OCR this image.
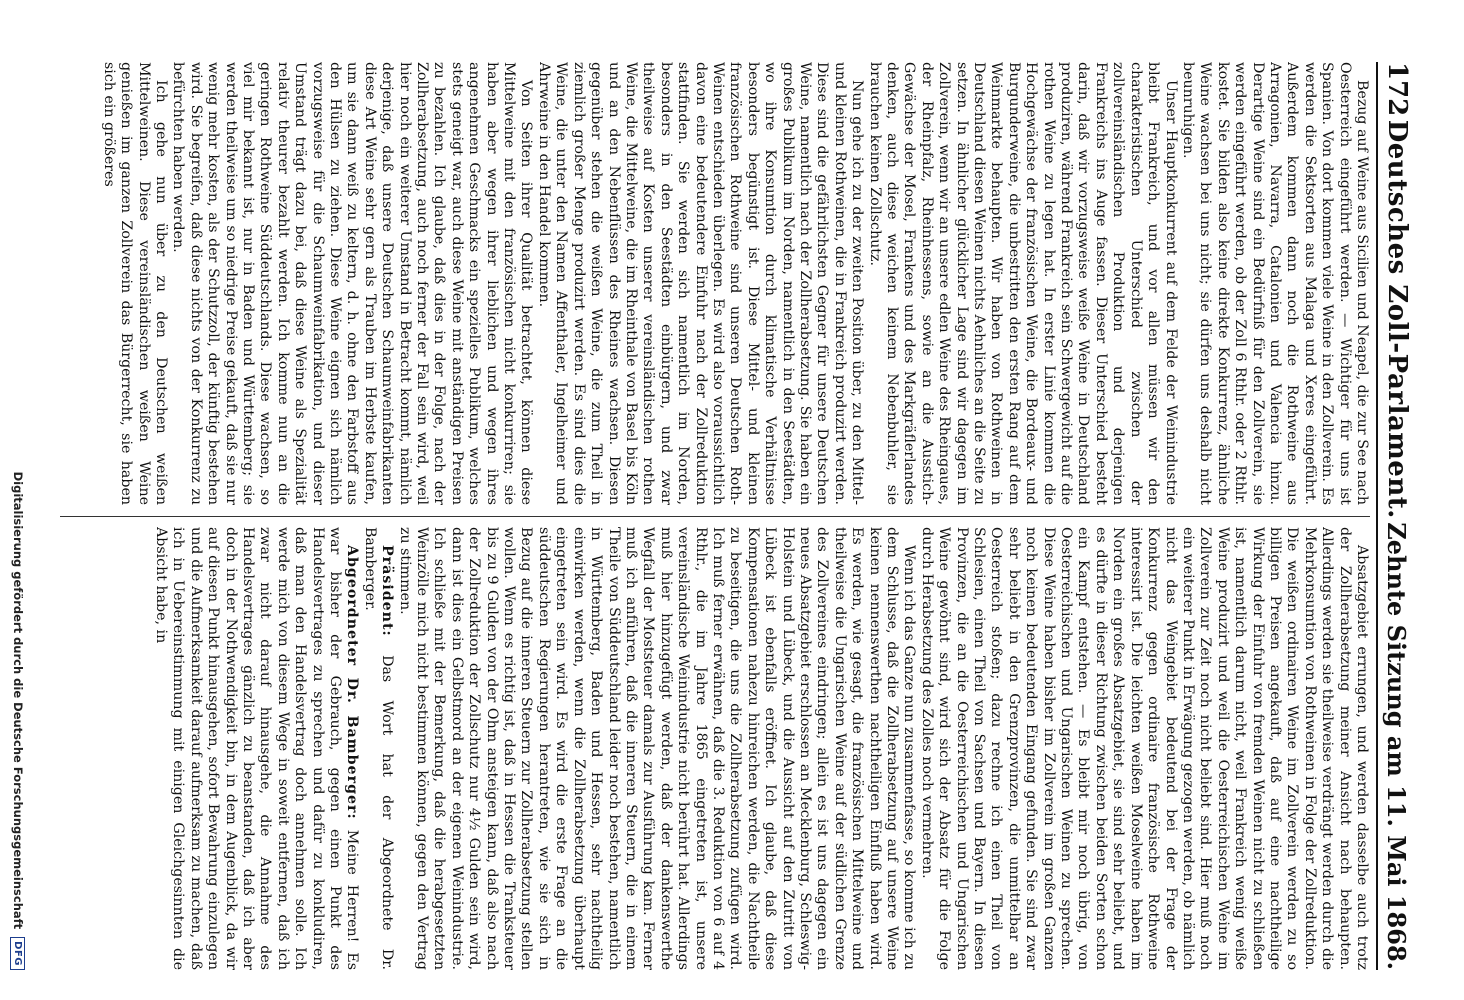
172
Deutsches Zoll-Parlament.
Zehnte Sitzung am 11. Mai 1868.

Bezug auf Weine aus Sicilien und Neapel, die zur See nach Oesterreich eingeführt werden. — Wichtiger für uns ist Spanien. Von dort kommen viele Weine in den Zollverein. Es werden die Sektsorten aus Malaga und Xeres eingeführt. Außerdem kommen dann noch die Rothweine aus Arragonien, Navarra, Catalonien und Valencia hinzu. Derartige Weine sind ein Bedürfniß für den Zollverein, sie werden eingeführt werden, ob der Zoll 6 Rthlr. oder 2 Rthlr. kostet. Sie bilden also keine direkte Konkurrenz, ähnliche Weine wachsen bei uns nicht; sie dürfen uns deshalb nicht beunruhigen.

Unser Hauptkonkurrent auf dem Felde der Weinindustrie bleibt Frankreich, und vor allen müssen wir den charakteristischen Unterschied zwischen der zollvereinsländischen Produktion und derjenigen Frankreichs ins Auge fassen. Dieser Unterschied besteht darin, daß wir vorzugsweise weiße Weine in Deutschland produziren, während Frankreich sein Schwergewicht auf die rothen Weine zu legen hat. In erster Linie kommen die Hochgewächse der französischen Weine, die Bordeaux- und Burgunderweine, die unbestritten den ersten Rang auf dem Weinmarkte behaupten. Wir haben von Rothweinen in Deutschland diesen Weinen nichts Aehnliches an die Seite zu setzen. In ähnlicher glücklicher Lage sind wir dagegen im Zollverein, wenn wir an unsere edlen Weine des Rheingaues, der Rheinpfalz, Rheinhessens, sowie an die Ausstich-Gewächse der Mosel, Frankens und des Markgräflerlandes denken, auch diese weichen keinem Nebenbuhler, sie brauchen keinen Zollschutz.

Nun gehe ich zu der zweiten Position über, zu den Mittel- und kleinen Rothweinen, die in Frankreich produzirt werden. Diese sind die gefährlichsten Gegner für unsere Deutschen Weine, namentlich nach der Zollherabsetzung. Sie haben ein großes Publikum im Norden, namentlich in den Seestädten, wo ihre Konsumtion durch klimatische Verhältnisse besonders begünstigt ist. Diese Mittel- und kleinen französischen Rothweine sind unseren Deutschen Roth-Weinen entschieden überlegen. Es wird also voraussichtlich davon eine bedeutendere Einfuhr nach der Zollreduktion stattfinden. Sie werden sich namentlich im Norden, besonders in den Seestädten einbürgern, und zwar theilweise auf Kosten unserer vereinsländischen rothen Weine, die Mittelweine, die im Rheinthale von Basel bis Köln und an den Nebenflüssen des Rheines wachsen. Diesen gegenüber stehen die weißen Weine, die zum Theil in ziemlich großer Menge produzirt werden. Es sind dies die Weine, die unter den Namen Affenthaler, Ingelheimer und Ahrweine in den Handel kommen.

Von Seiten ihrer Qualität betrachtet, können diese Mittelweine mit den französischen nicht konkurriren; sie haben aber wegen ihrer lieblichen und wegen ihres angenehmen Geschmacks ein spezielles Publikum, welches stets geneigt war, auch diese Weine mit anständigen Preisen zu bezahlen. Ich glaube, daß dies in der Folge, nach der Zollherabsetzung, auch noch ferner der Fall sein wird, weil hier noch ein weiterer Umstand in Betracht kommt, nämlich derjenige, daß unsere Deutschen Schaumweinfabrikanten diese Art Weine sehr gern als Trauben im Herbste kaufen, um sie dann weiß zu keltern, d. h. ohne den Farbstoff aus den Hülsen zu ziehen. Diese Weine eignen sich nämlich vorzugsweise für die Schaumweinfabrikation, und dieser Umstand trägt dazu bei, daß diese Weine als Spezialität relativ theurer bezahlt werden. Ich komme nun an die geringen Rothweine Süddeutschlands. Diese wachsen, so viel mir bekannt ist, nur in Baden und Württemberg; sie werden theilweise um so niedrige Preise gekauft, daß sie nur wenig mehr kosten, als der Schutzzoll, der künftig bestehen wird. Sie begreifen, daß diese nichts von der Konkurrenz zu befürchten haben werden.

Ich gehe nun über zu den Deutschen weißen Mittelweinen. Diese vereinsländischen weißen Weine genießen im ganzen Zollverein das Bürgerrecht, sie haben sich ein größeres

Absatzgebiet errungen, und werden dasselbe auch trotz der Zollherabsetzung meiner Ansicht nach behaupten. Allerdings werden sie theilweise verdrängt werden durch die Mehrkonsumtion von Rothweinen in Folge der Zollreduktion. Die weißen ordinairen Weine im Zollverein werden zu so billigen Preisen angekauft, daß auf eine nachtheilige Wirkung der Einfuhr von fremden Weinen nicht zu schließen ist, namentlich darum nicht, weil Frankreich wenig weiße Weine produzirt und weil die Oesterreichischen Weine im Zollverein zur Zeit noch nicht beliebt sind. Hier muß noch ein weiterer Punkt in Erwägung gezogen werden, ob nämlich nicht das Weingebiet bedeutend bei der Frage der Konkurrenz gegen ordinaire französische Rothweine interessirt ist. Die leichten weißen Moselweine haben im Norden ein großes Absatzgebiet, sie sind sehr beliebt, und es dürfte in dieser Richtung zwischen beiden Sorten schon ein Kampf entstehen. — Es bleibt mir noch übrig, von Oesterreichischen und Ungarischen Weinen zu sprechen. Diese Weine haben bisher im Zollverein im großen Ganzen noch keinen bedeutenden Eingang gefunden. Sie sind zwar sehr beliebt in den Grenzprovinzen, die unmittelbar an Oesterreich stoßen; dazu rechne ich einen Theil von Schlesien, einen Theil von Sachsen und Bayern. In diesen Provinzen, die an die Oesterreichischen und Ungarischen Weine gewöhnt sind, wird sich der Absatz für die Folge durch Herabsetzung des Zolles noch vermehren.

Wenn ich das Ganze nun zusammenfasse, so komme ich zu dem Schlusse, daß die Zollherabsetzung auf unsere Weine keinen nennenswerthen nachtheiligen Einfluß haben wird. Es werden, wie gesagt, die französischen Mittelweine und theilweise die Ungarischen Weine auf der südlichen Grenze des Zollvereines eindringen; allein es ist uns dagegen ein neues Absatzgebiet erschlossen an Mecklenburg, Schleswig-Holstein und Lübeck, und die Aussicht auf den Zutritt von Lübeck ist ebenfalls eröffnet. Ich glaube, daß diese Kompensationen nahezu hinreichen werden, die Nachtheile zu beseitigen, die uns die Zollherabsetzung zufügen wird. Ich muß ferner erwähnen, daß die 3. Reduktion von 6 auf 4 Rthlr., die im Jahre 1865 eingetreten ist, unsere vereinsländische Weinindustrie nicht berührt hat. Allerdings muß hier hinzugefügt werden, daß der dankenswerthe Wegfall der Moststeuer damals zur Ausführung kam. Ferner muß ich anführen, daß die inneren Steuern, die in einem Theile von Süddeutschland leider noch bestehen, namentlich in Württemberg, Baden und Hessen, sehr nachtheilig einwirken werden, wenn die Zollherabsetzung überhaupt eingetreten sein wird. Es wird die erste Frage an die süddeutschen Regierungen herantreten, wie sie sich in Bezug auf die inneren Steuern zur Zollherabsetzung stellen wollen. Wenn es richtig ist, daß in Hessen die Tranksteuer bis zu 9 Gulden von der Ohm ansteigen kann, daß also nach der Zollreduktion der Zollschutz nur 4½ Gulden sein wird, dann ist dies ein Gelbstmord an der eigenen Weinindustrie. Ich schließe mit der Bemerkung, daß die herabgesetzten Weinzölle mich nicht bestimmen können, gegen den Vertrag zu stimmen.

Präsident: Das Wort hat der Abgeordnete Dr. Bamberger.

Abgeordneter Dr. Bamberger: Meine Herren! Es war bisher der Gebrauch, gegen einen Punkt des Handelsvertrages zu sprechen und dafür zu konkludiren, daß man den Handelsvertrag doch annehmen solle. Ich werde mich von diesem Wege in soweit entfernen, daß ich zwar nicht darauf hinausgehe, die Annahme des Handelsvertrages gänzlich zu beanstanden, daß ich aber doch in der Nothwendigkeit bin, in dem Augenblick, da wir auf diesen Punkt hinausgehen, sofort Bewahrung einzulegen und die Aufmerksamkeit darauf aufmerksam zu machen, daß ich in Uebereinstimmung mit einigen Gleichgesinnten die Absicht habe, in

Digitalisierung gefördert durch die Deutsche Forschungsgemeinschaft
DFG
